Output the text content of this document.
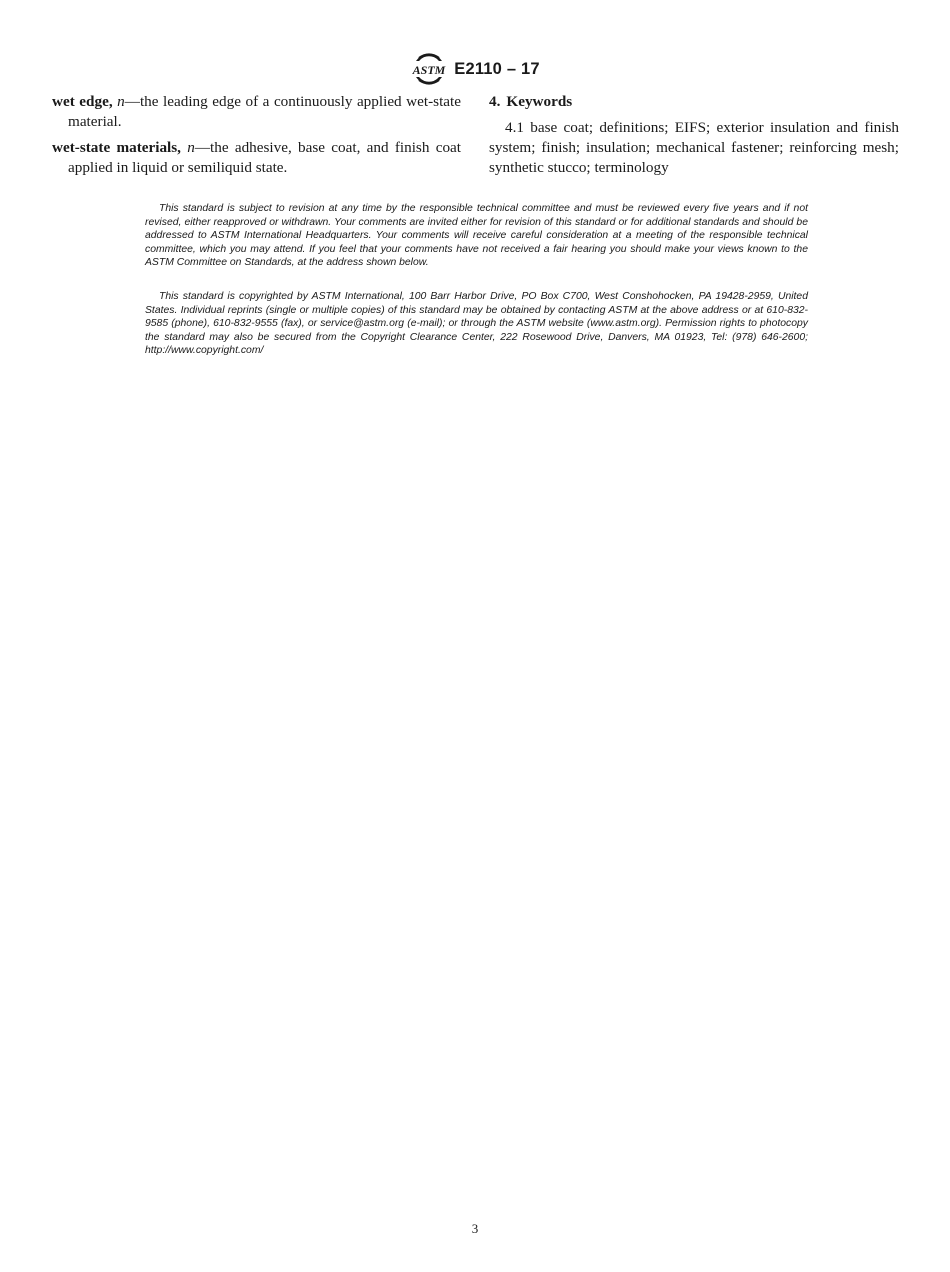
ASTM E2110 – 17

wet edge, n—the leading edge of a continuously applied wet-state material.

wet-state materials, n—the adhesive, base coat, and finish coat applied in liquid or semiliquid state.

4. Keywords

4.1 base coat; definitions; EIFS; exterior insulation and finish system; finish; insulation; mechanical fastener; reinforcing mesh; synthetic stucco; terminology

This standard is subject to revision at any time by the responsible technical committee and must be reviewed every five years and if not revised, either reapproved or withdrawn. Your comments are invited either for revision of this standard or for additional standards and should be addressed to ASTM International Headquarters. Your comments will receive careful consideration at a meeting of the responsible technical committee, which you may attend. If you feel that your comments have not received a fair hearing you should make your views known to the ASTM Committee on Standards, at the address shown below.

This standard is copyrighted by ASTM International, 100 Barr Harbor Drive, PO Box C700, West Conshohocken, PA 19428-2959, United States. Individual reprints (single or multiple copies) of this standard may be obtained by contacting ASTM at the above address or at 610-832-9585 (phone), 610-832-9555 (fax), or service@astm.org (e-mail); or through the ASTM website (www.astm.org). Permission rights to photocopy the standard may also be secured from the Copyright Clearance Center, 222 Rosewood Drive, Danvers, MA 01923, Tel: (978) 646-2600; http://www.copyright.com/

3
